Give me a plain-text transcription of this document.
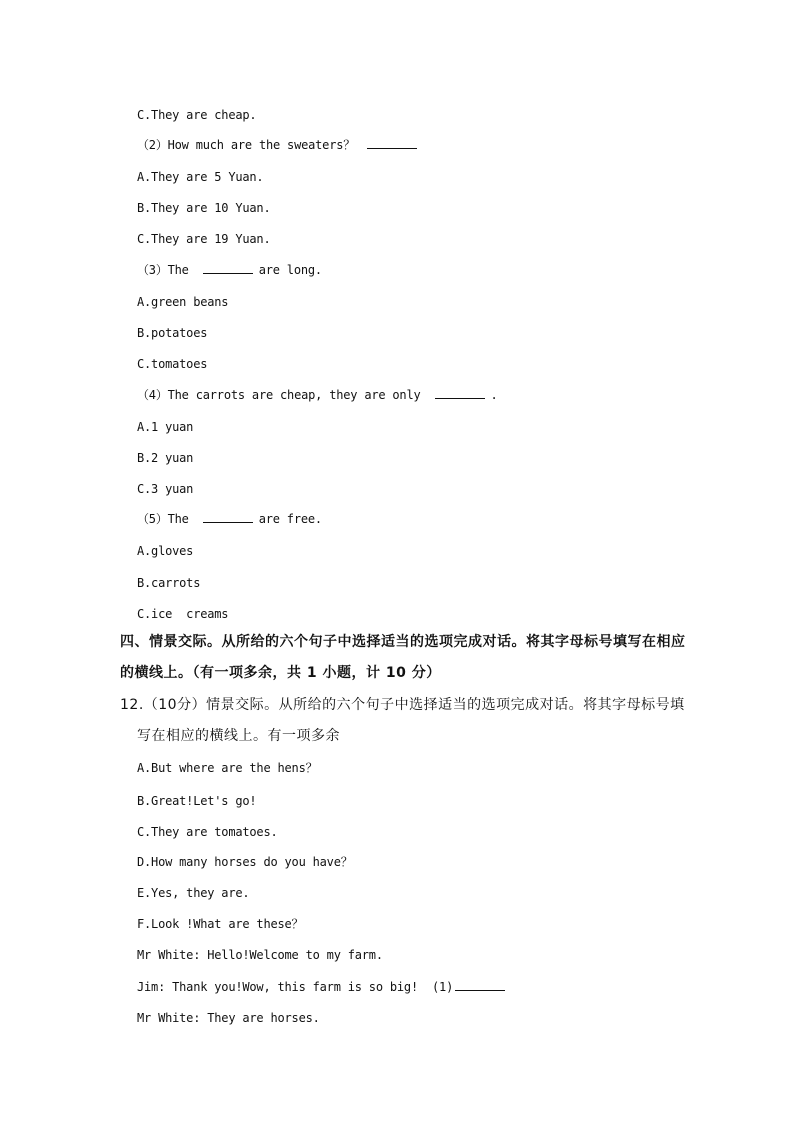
C.They are cheap.
（2）How much are the sweaters？
A.They are 5 Yuan.
B.They are 10 Yuan.
C.They are 19 Yuan.
（3）The	are long.
A.green beans
B.potatoes
C.tomatoes
（4）The carrots are cheap, they are only	.
A.1 yuan
B.2 yuan
C.3 yuan
（5）The	are free.
A.gloves
B.carrots
C.ice  creams
四、情景交际。从所给的六个句子中选择适当的选项完成对话。将其字母标号填写在相应
的横线上。（有一项多余，共 1 小题，计 10 分）
12.（10分）情景交际。从所给的六个句子中选择适当的选项完成对话。将其字母标号填
写在相应的横线上。有一项多余
A.But where are the hens？
B.Great!Let's go!
C.They are tomatoes.
D.How many horses do you have？
E.Yes, they are.
F.Look !What are these？
Mr White: Hello!Welcome to my farm.
Jim: Thank you!Wow, this farm is so big!  (1)
Mr White: They are horses.
